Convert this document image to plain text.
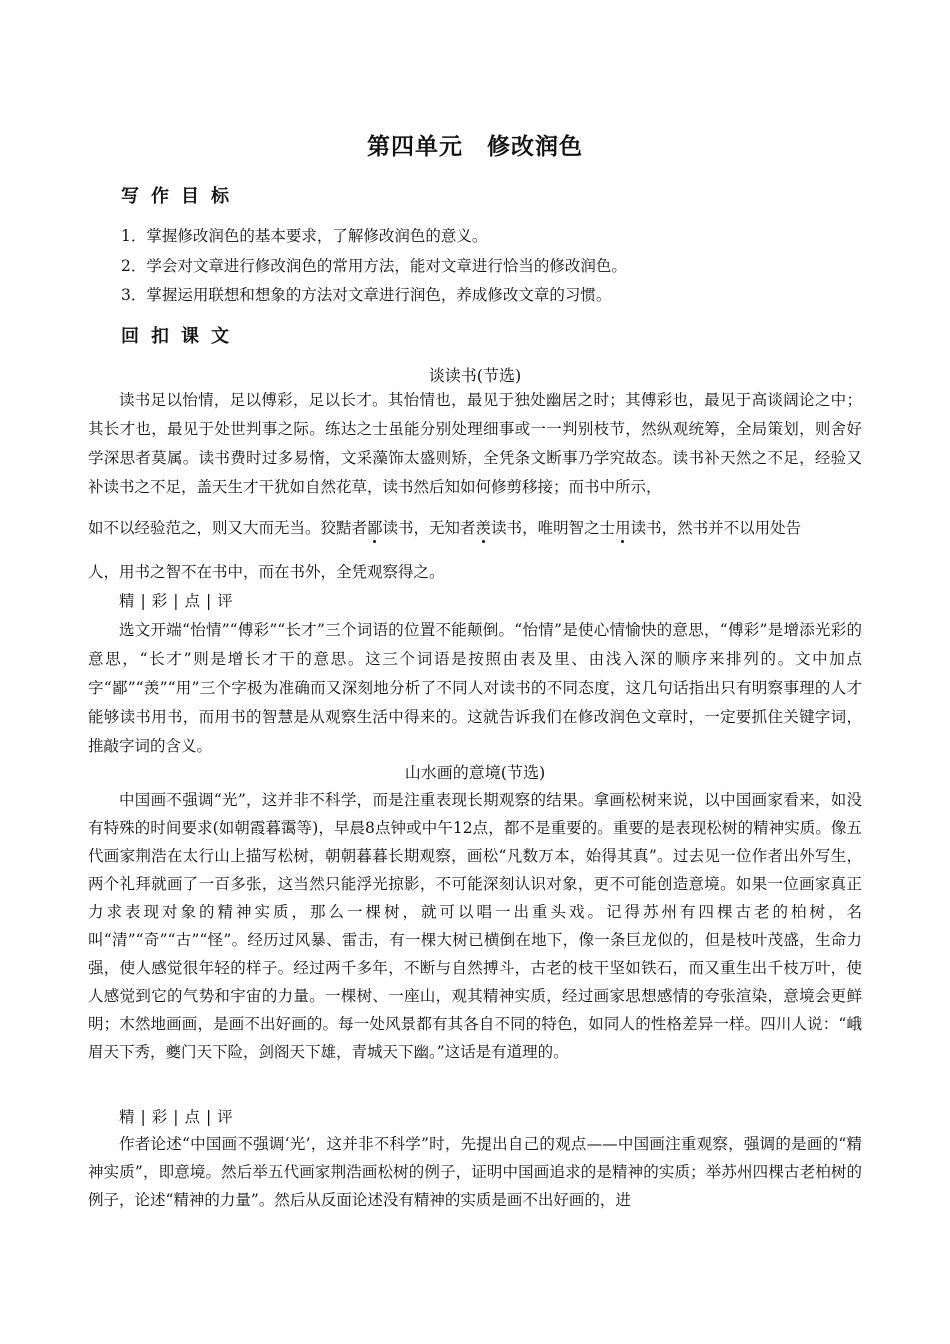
第四单元　修改润色
写作目标
1．掌握修改润色的基本要求，了解修改润色的意义。
2．学会对文章进行修改润色的常用方法，能对文章进行恰当的修改润色。
3．掌握运用联想和想象的方法对文章进行润色，养成修改文章的习惯。
回扣课文
谈读书(节选)
读书足以怡情，足以傅彩，足以长才。其怡情也，最见于独处幽居之时；其傅彩也，最见于高谈阔论之中；其长才也，最见于处世判事之际。练达之士虽能分别处理细事或一一判别枝节，然纵观统筹，全局策划，则舍好学深思者莫属。读书费时过多易惰，文采藻饰太盛则矫，全凭条文断事乃学究故态。读书补天然之不足，经验又补读书之不足，盖天生才干犹如自然花草，读书然后知如何修剪移接；而书中所示，
如不以经验范之，则又大而无当。狡黠者鄙读书，无知者羡读书，唯明智之士用读书，然书并不以用处告
人，用书之智不在书中，而在书外，全凭观察得之。
精|彩|点|评
选文开端“怡情”“傅彩”“长才”三个词语的位置不能颠倒。“怡情”是使心情愉快的意思，“傅彩”是增添光彩的意思，“长才”则是增长才干的意思。这三个词语是按照由表及里、由浅入深的顺序来排列的。文中加点字“鄙”“羡”“用”三个字极为准确而又深刻地分析了不同人对读书的不同态度，这几句话指出只有明察事理的人才能够读书用书，而用书的智慧是从观察生活中得来的。这就告诉我们在修改润色文章时，一定要抓住关键字词，推敲字词的含义。
山水画的意境(节选)
中国画不强调“光”，这并非不科学，而是注重表现长期观察的结果。拿画松树来说，以中国画家看来，如没有特殊的时间要求(如朝霞暮霭等)，早晨8点钟或中午12点，都不是重要的。重要的是表现松树的精神实质。像五代画家荆浩在太行山上描写松树，朝朝暮暮长期观察，画松“凡数万本，始得其真”。过去见一位作者出外写生，两个礼拜就画了一百多张，这当然只能浮光掠影，不可能深刻认识对象，更不可能创造意境。如果一位画家真正力求表现对象的精神实质，那么一棵树，就可以唱一出重头戏。记得苏州有四棵古老的柏树，名叫“清”“奇”“古”“怪”。经历过风暴、雷击，有一棵大树已横倒在地下，像一条巨龙似的，但是枝叶茂盛，生命力强，使人感觉很年轻的样子。经过两千多年，不断与自然搏斗，古老的枝干坚如铁石，而又重生出千枝万叶，使人感觉到它的气势和宇宙的力量。一棵树、一座山，观其精神实质，经过画家思想感情的夸张渲染，意境会更鲜明；木然地画画，是画不出好画的。每一处风景都有其各自不同的特色，如同人的性格差异一样。四川人说：“峨眉天下秀，夔门天下险，剑阁天下雄，青城天下幽。”这话是有道理的。
精|彩|点|评
作者论述“中国画不强调‘光’，这并非不科学”时，先提出自己的观点——中国画注重观察，强调的是画的“精神实质”，即意境。然后举五代画家荆浩画松树的例子，证明中国画追求的是精神的实质；举苏州四棵古老柏树的例子，论述“精神的力量”。然后从反面论述没有精神的实质是画不出好画的，进
